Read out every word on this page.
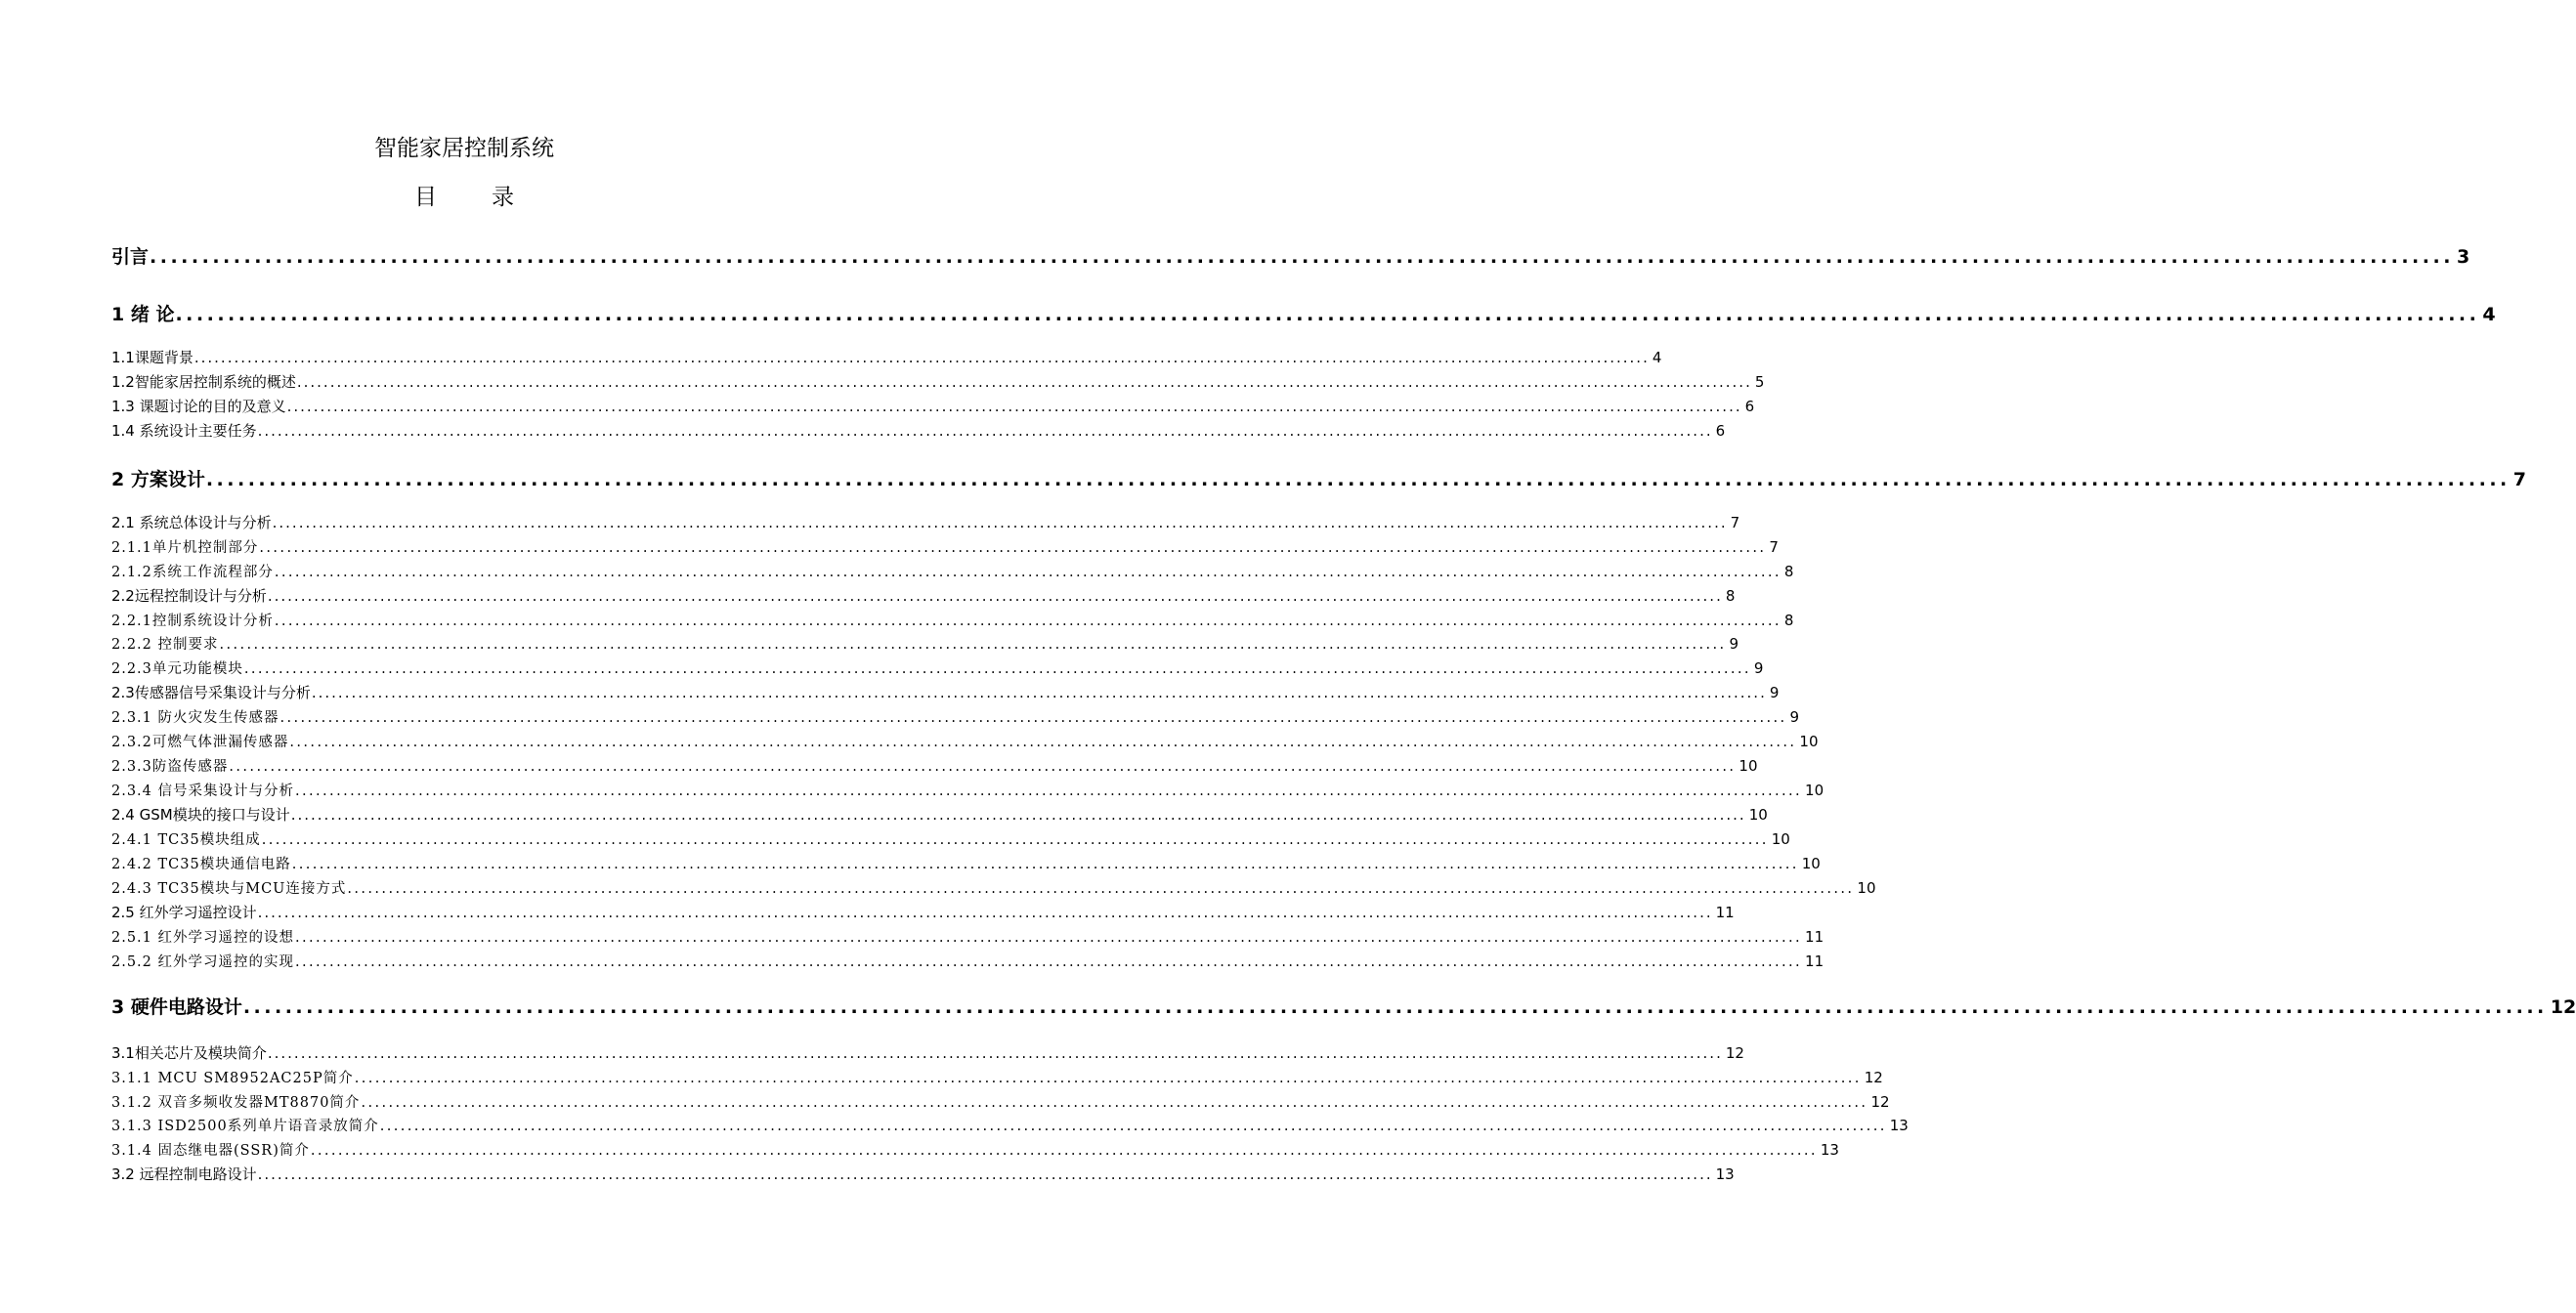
智能家居控制系统
目 录
引言 ............................................................................................................................................................................................................................ 3
1 绪 论 ............................................................................................................................................................................................................................ 4
1.1课题背景 ............................................................................................................................................................................................................................ 4
1.2智能家居控制系统的概述 ............................................................................................................................................................................................................................ 5
1.3 课题讨论的目的及意义 ............................................................................................................................................................................................................................ 6
1.4 系统设计主要任务 ............................................................................................................................................................................................................................ 6
2 方案设计 ............................................................................................................................................................................................................................ 7
2.1 系统总体设计与分析 ............................................................................................................................................................................................................................ 7
2.1.1单片机控制部分 ............................................................................................................................................................................................................................ 7
2.1.2系统工作流程部分 ............................................................................................................................................................................................................................ 8
2.2远程控制设计与分析 ............................................................................................................................................................................................................................ 8
2.2.1控制系统设计分析 ............................................................................................................................................................................................................................ 8
2.2.2 控制要求 ............................................................................................................................................................................................................................ 9
2.2.3单元功能模块 ............................................................................................................................................................................................................................ 9
2.3传感器信号采集设计与分析 ............................................................................................................................................................................................................................ 9
2.3.1 防火灾发生传感器 ............................................................................................................................................................................................................................ 9
2.3.2可燃气体泄漏传感器 ............................................................................................................................................................................................................................ 10
2.3.3防盗传感器 ............................................................................................................................................................................................................................ 10
2.3.4 信号采集设计与分析 ............................................................................................................................................................................................................................ 10
2.4 GSM模块的接口与设计 ............................................................................................................................................................................................................................ 10
2.4.1 TC35模块组成 ............................................................................................................................................................................................................................ 10
2.4.2 TC35模块通信电路 ............................................................................................................................................................................................................................ 10
2.4.3 TC35模块与MCU连接方式 ............................................................................................................................................................................................................................ 10
2.5 红外学习遥控设计 ............................................................................................................................................................................................................................ 11
2.5.1 红外学习遥控的设想 ............................................................................................................................................................................................................................ 11
2.5.2 红外学习遥控的实现 ............................................................................................................................................................................................................................ 11
3 硬件电路设计 ............................................................................................................................................................................................................................ 12
3.1相关芯片及模块简介 ............................................................................................................................................................................................................................ 12
3.1.1 MCU SM8952AC25P简介 ............................................................................................................................................................................................................................ 12
3.1.2 双音多频收发器MT8870简介 ............................................................................................................................................................................................................................ 12
3.1.3 ISD2500系列单片语音录放简介 ............................................................................................................................................................................................................................ 13
3.1.4 固态继电器(SSR)简介 ............................................................................................................................................................................................................................ 13
3.2 远程控制电路设计 ............................................................................................................................................................................................................................ 13
